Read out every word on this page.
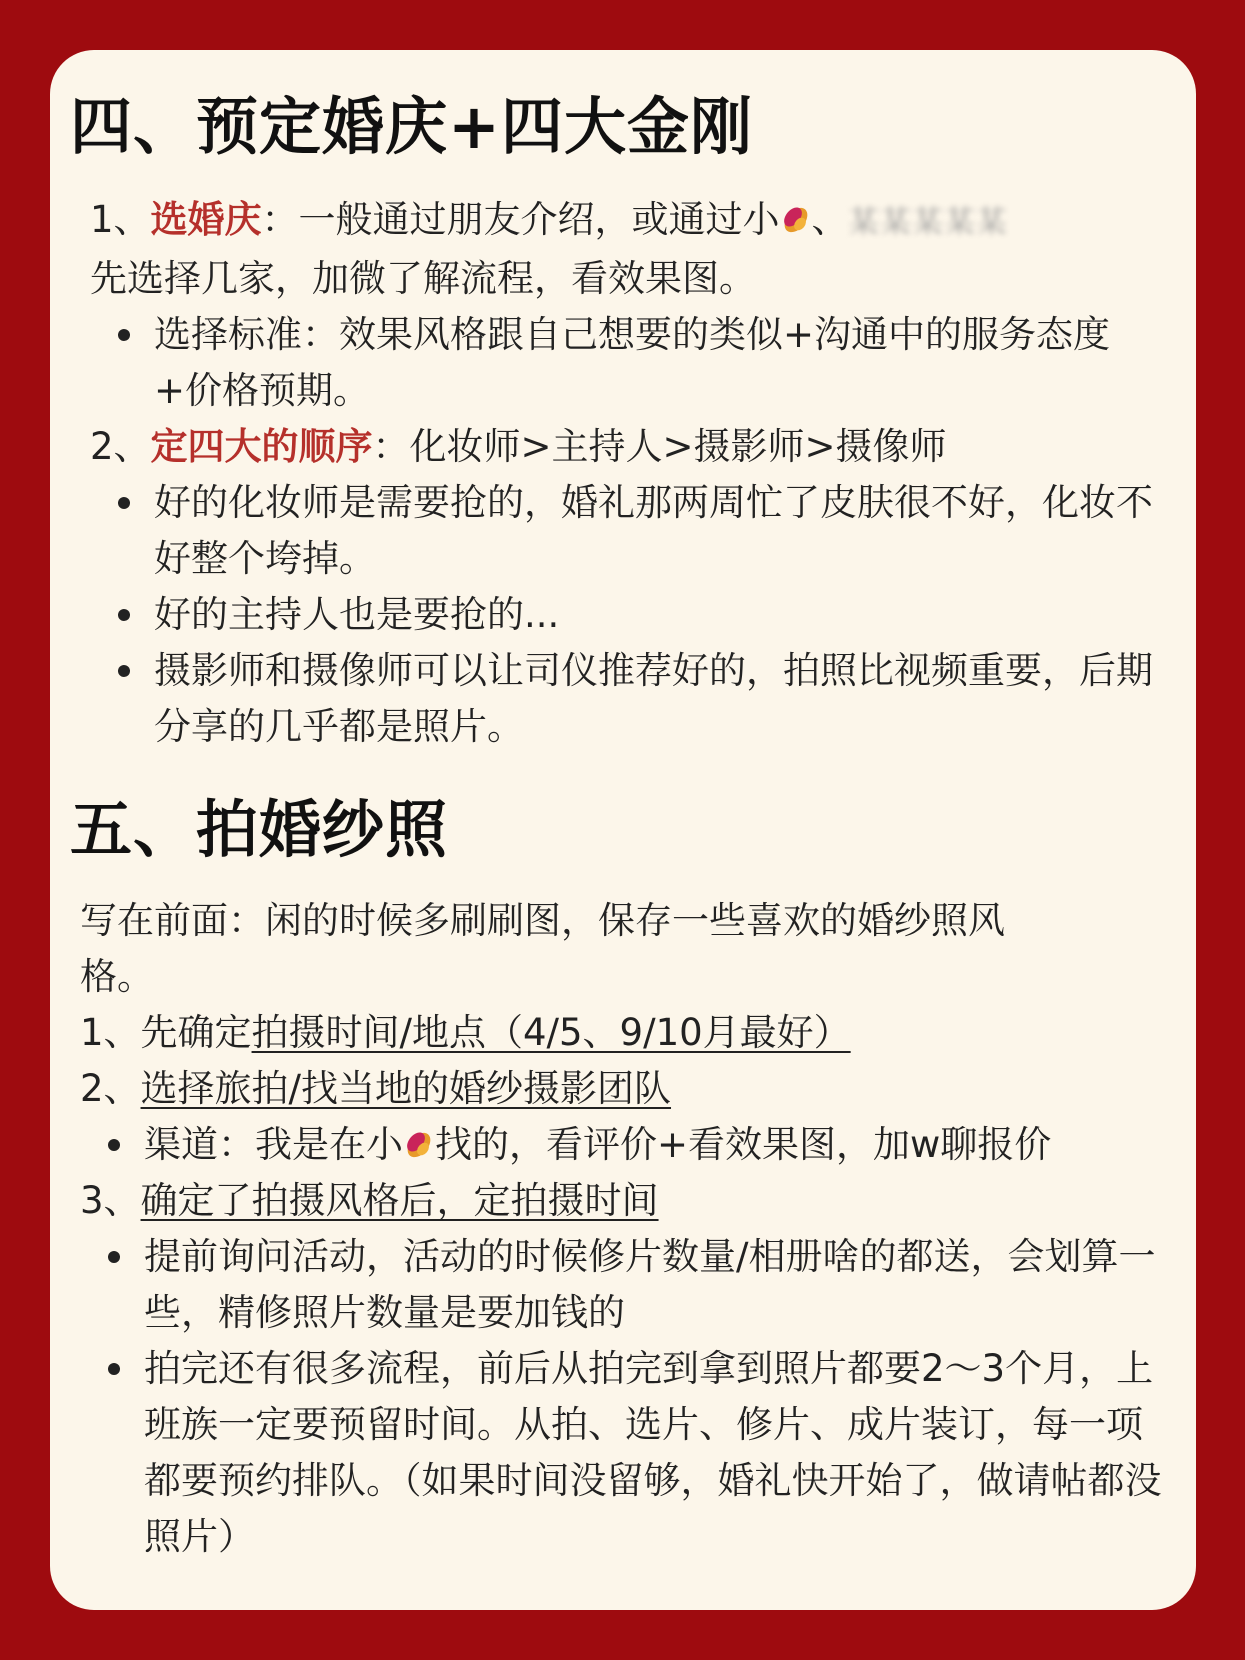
四、预定婚庆+四大金刚

1、选婚庆：一般通过朋友介绍，或通过小 、某某某某某

先选择几家，加微了解流程，看效果图。

选择标准：效果风格跟自己想要的类似+沟通中的服务态度+价格预期。

2、定四大的顺序：化妆师>主持人>摄影师>摄像师

好的化妆师是需要抢的，婚礼那两周忙了皮肤很不好，化妆不好整个垮掉。

好的主持人也是要抢的...

摄影师和摄像师可以让司仪推荐好的，拍照比视频重要，后期分享的几乎都是照片。

五、拍婚纱照

写在前面：闲的时候多刷刷图，保存一些喜欢的婚纱照风格。

1、先确定拍摄时间/地点（4/5、9/10月最好）

2、选择旅拍/找当地的婚纱摄影团队

渠道：我是在小 找的，看评价+看效果图，加w聊报价

3、确定了拍摄风格后，定拍摄时间

提前询问活动，活动的时候修片数量/相册啥的都送，会划算一些，精修照片数量是要加钱的

拍完还有很多流程，前后从拍完到拿到照片都要2～3个月，上班族一定要预留时间。从拍、选片、修片、成片装订，每一项都要预约排队。（如果时间没留够，婚礼快开始了，做请帖都没照片）
